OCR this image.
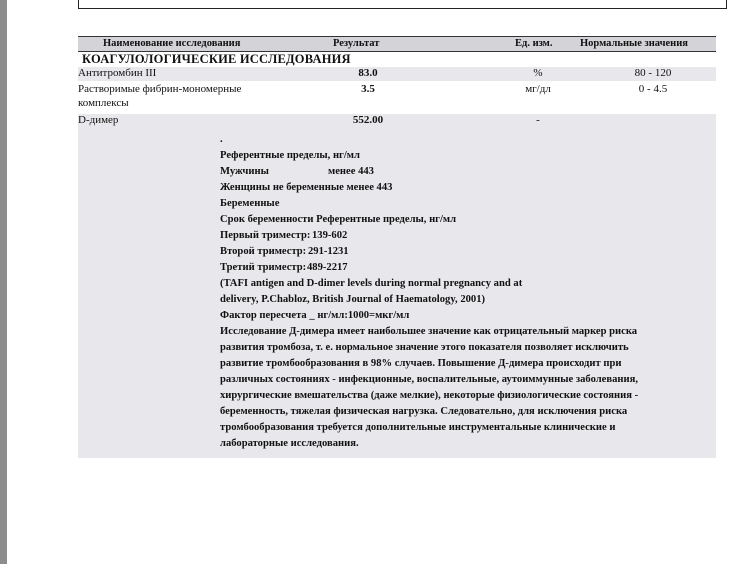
Наименование исследования	Результат	Ед. изм.	Нормальные значения
КОАГУЛОЛОГИЧЕСКИЕ ИССЛЕДОВАНИЯ
Антитромбин III	83.0	%	80 - 120
Растворимые фибрин-мономерные комплексы
3.5	мг/дл	0 - 4.5
D-димер	552.00	-
.
Референтные пределы, нг/мл
Мужчины	менее 443
Женщины не беременные менее 443
Беременные
Срок беременности Референтные пределы, нг/мл
Первый триместр: 139-602
Второй триместр: 291-1231
Третий триместр:489-2217
(TAFI antigen and D-dimer levels during normal pregnancy and at
delivery, P.Chabloz, British Journal of Haematology, 2001)
Фактор пересчета _ нг/мл:1000=мкг/мл
Исследование Д-димера имеет наибольшее значение как отрицательный маркер риска
развития тромбоза, т. е. нормальное значение этого показателя позволяет исключить
развитие тромбообразования в 98% случаев. Повышение Д-димера происходит при
различных состояниях - инфекционные, воспалительные, аутоиммунные заболевания,
хирургические вмешательства (даже мелкие), некоторые физиологические состояния -
беременность, тяжелая физическая нагрузка. Следовательно, для исключения риска
тромбообразования требуется дополнительные инструментальные клинические и
лабораторные исследования.
